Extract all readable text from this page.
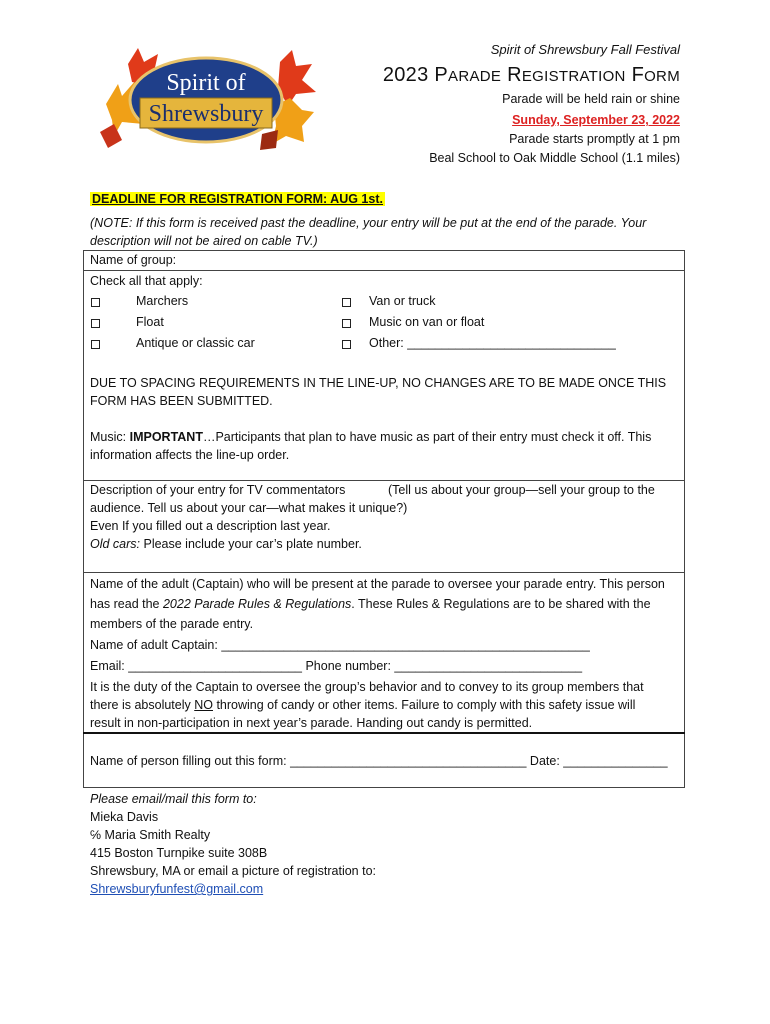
Spirit of
Shrewsbury
Spirit of Shrewsbury Fall Festival
2023 PARADE REGISTRATION FORM
Parade will be held rain or shine
Sunday, September 23, 2022
Parade starts promptly at 1 pm
Beal School to Oak Middle School (1.1 miles)
DEADLINE FOR REGISTRATION FORM: AUG 1st.
(NOTE: If this form is received past the deadline, your entry will be put at the end of the parade. Your description will not be aired on cable TV.)
Name of group:
Check all that apply:
Marchers
Float
Antique or classic car
Van or truck
Music on van or float
Other: ______________________________
DUE TO SPACING REQUIREMENTS IN THE LINE-UP, NO CHANGES ARE TO BE MADE ONCE THIS FORM HAS BEEN SUBMITTED.
Music: IMPORTANT…Participants that plan to have music as part of their entry must check it off. This information affects the line-up order.
Description of your entry for TV commentators	(Tell us about your group—sell your group to the
audience. Tell us about your car—what makes it unique?)
Even If you filled out a description last year.
Old cars: Please include your car’s plate number.
Name of the adult (Captain) who will be present at the parade to oversee your parade entry. This person
has read the 2022 Parade Rules & Regulations. These Rules & Regulations are to be shared with the
members of the parade entry.
Name of adult Captain: _____________________________________________________
Email: _________________________ Phone number: ___________________________
It is the duty of the Captain to oversee the group’s behavior and to convey to its group members that
there is absolutely NO throwing of candy or other items. Failure to comply with this safety issue will
result in non-participation in next year’s parade. Handing out candy is permitted.
Name of person filling out this form: __________________________________ Date: _______________
Please email/mail this form to:
Mieka Davis
℅ Maria Smith Realty
415 Boston Turnpike suite 308B
Shrewsbury, MA or email a picture of registration to:
Shrewsburyfunfest@gmail.com
